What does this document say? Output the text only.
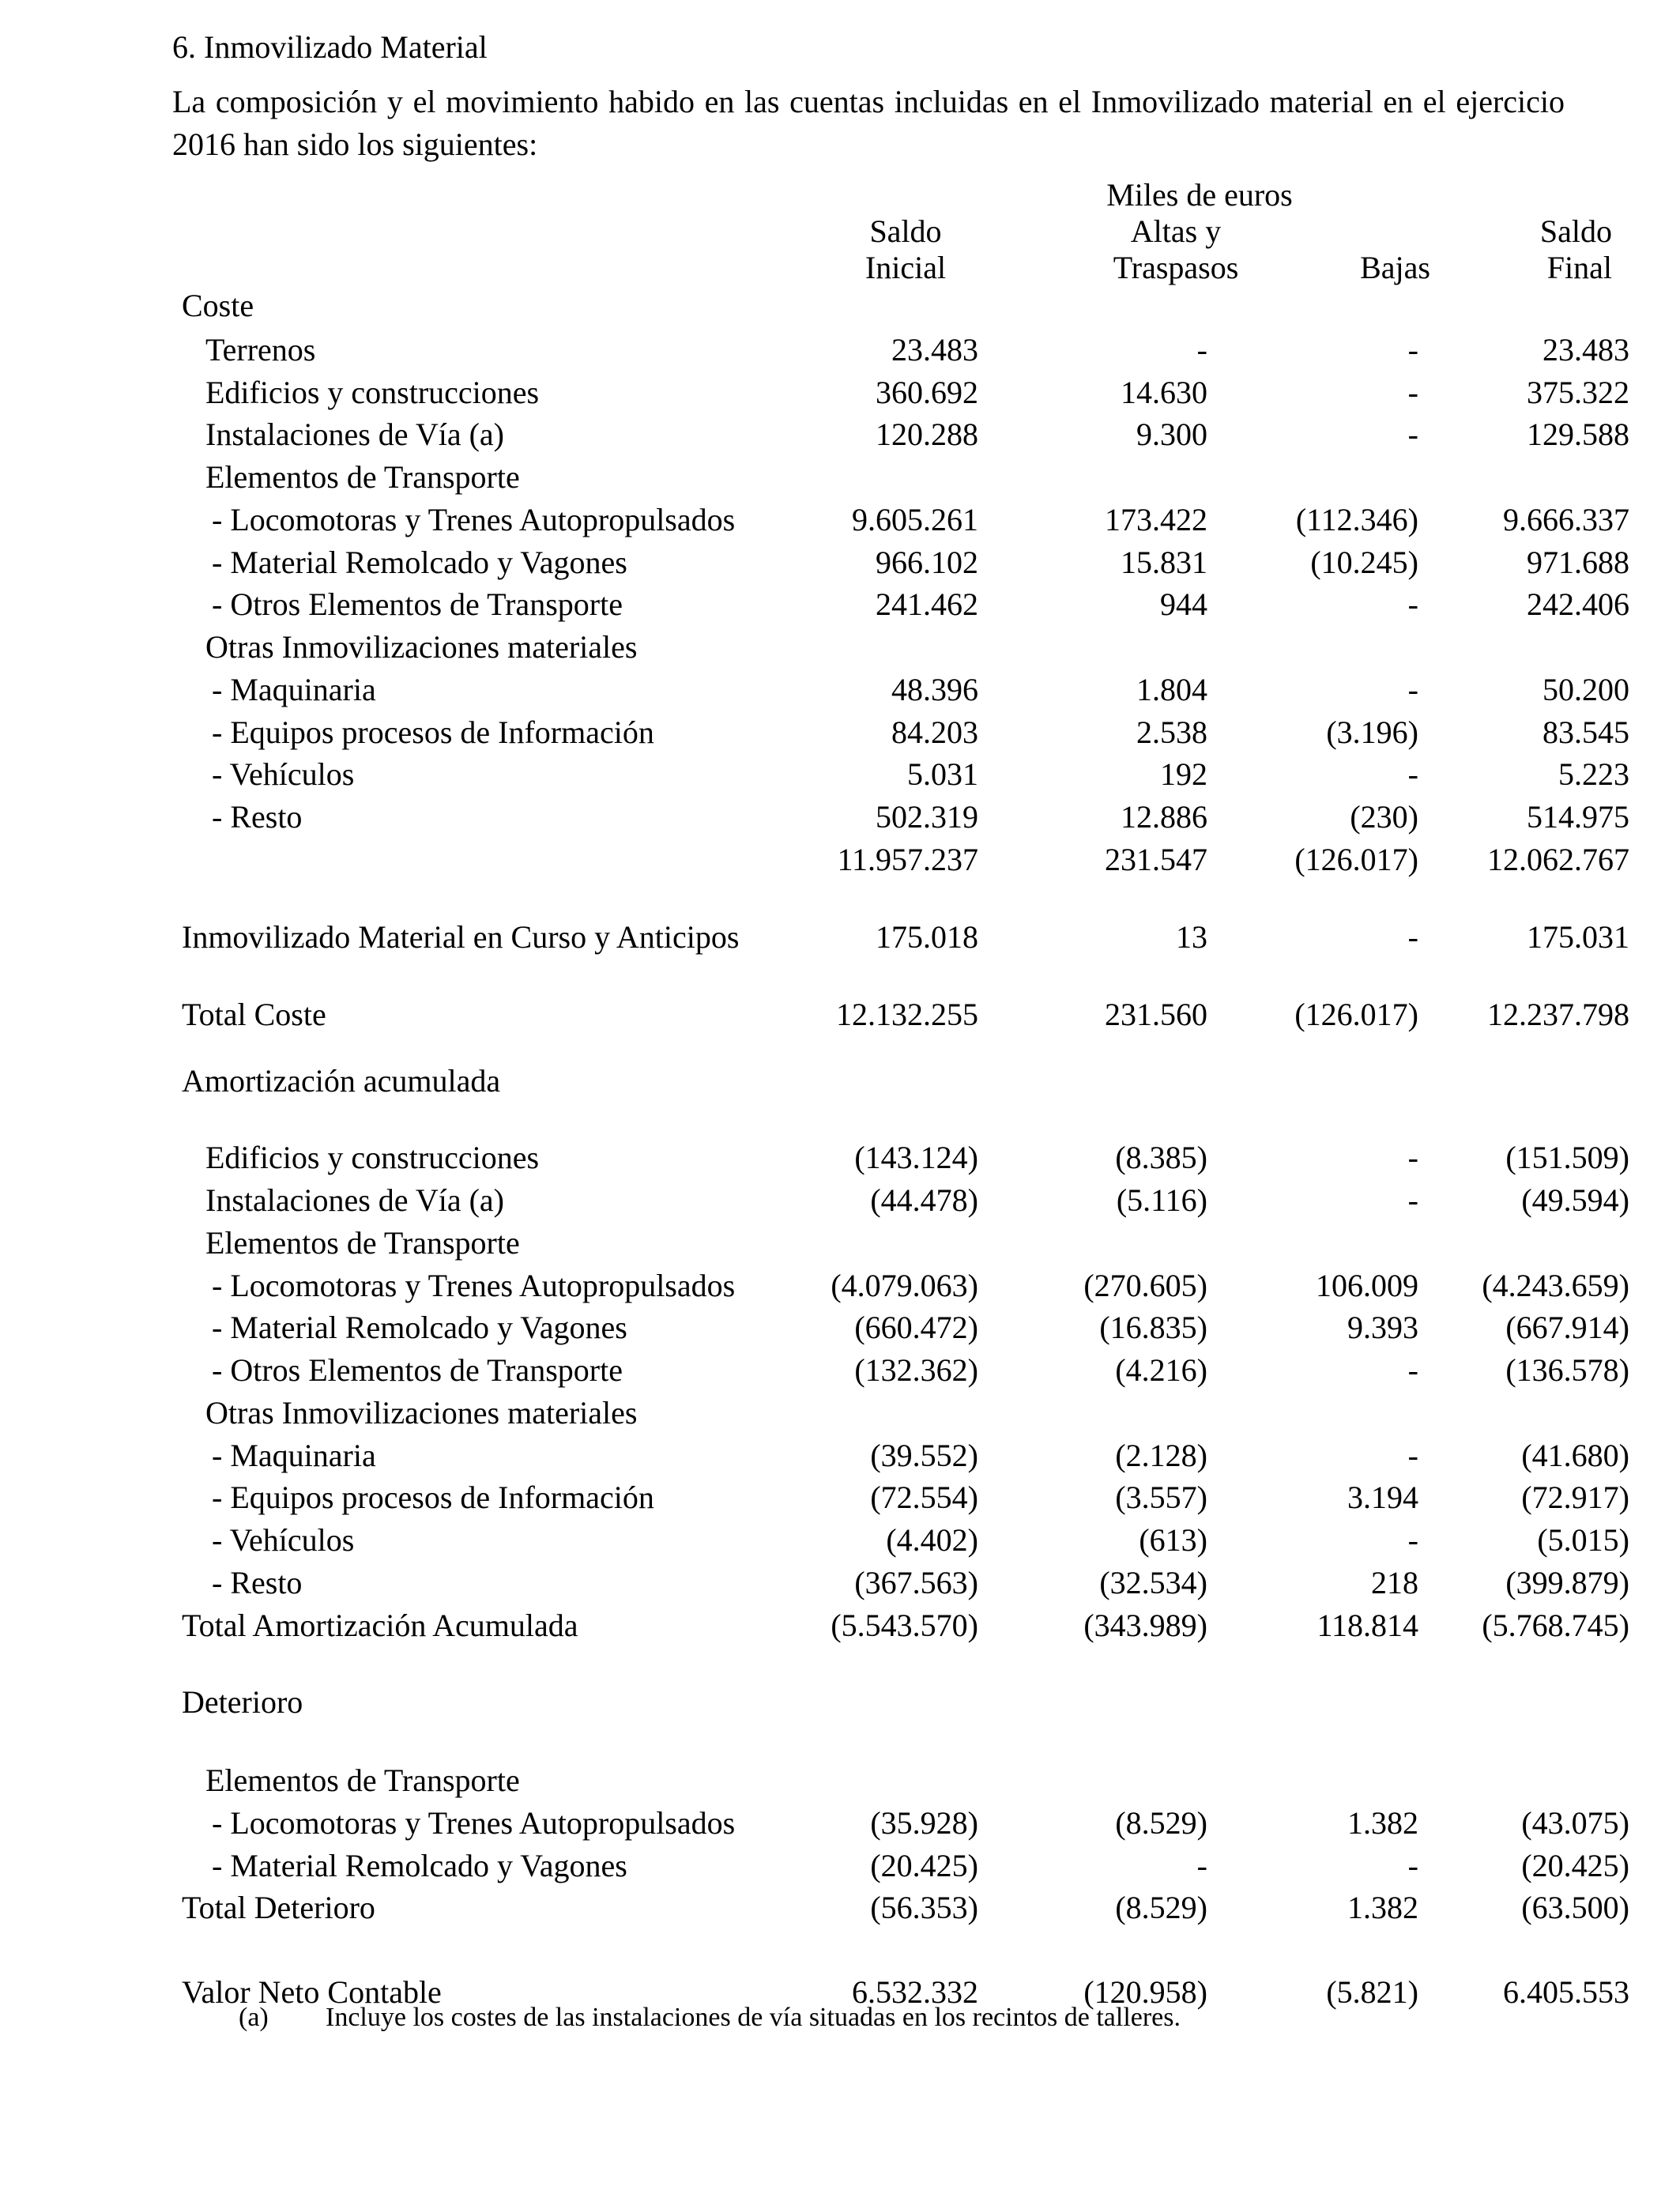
6. Inmovilizado Material
La composición y el movimiento habido en las cuentas incluidas en el Inmovilizado material en el ejercicio 2016 han sido los siguientes:
Miles de euros
Saldo
Inicial
Altas y
Traspasos	Bajas
Saldo
Final
Coste
Terrenos	23.483	-	-	23.483
Edificios y construcciones	360.692	14.630	-	375.322
Instalaciones de Vía (a)	120.288	9.300	-	129.588
Elementos de Transporte
- Locomotoras y Trenes Autopropulsados	9.605.261	173.422	(112.346)	9.666.337
- Material Remolcado y Vagones	966.102	15.831	(10.245)	971.688
- Otros Elementos de Transporte	241.462	944	-	242.406
Otras Inmovilizaciones materiales
- Maquinaria	48.396	1.804	-	50.200
- Equipos procesos de Información	84.203	2.538	(3.196)	83.545
- Vehículos	5.031	192	-	5.223
- Resto	502.319	12.886	(230)	514.975
11.957.237	231.547	(126.017)	12.062.767
Inmovilizado Material en Curso y Anticipos	175.018	13	-	175.031
Total Coste	12.132.255	231.560	(126.017)	12.237.798
Amortización acumulada
Edificios y construcciones	(143.124)	(8.385)	-	(151.509)
Instalaciones de Vía (a)	(44.478)	(5.116)	-	(49.594)
Elementos de Transporte
- Locomotoras y Trenes Autopropulsados	(4.079.063)	(270.605)	106.009	(4.243.659)
- Material Remolcado y Vagones	(660.472)	(16.835)	9.393	(667.914)
- Otros Elementos de Transporte	(132.362)	(4.216)	-	(136.578)
Otras Inmovilizaciones materiales
- Maquinaria	(39.552)	(2.128)	-	(41.680)
- Equipos procesos de Información	(72.554)	(3.557)	3.194	(72.917)
- Vehículos	(4.402)	(613)	-	(5.015)
- Resto	(367.563)	(32.534)	218	(399.879)
Total Amortización Acumulada	(5.543.570)	(343.989)	118.814	(5.768.745)
Deterioro
Elementos de Transporte
- Locomotoras y Trenes Autopropulsados	(35.928)	(8.529)	1.382	(43.075)
- Material Remolcado y Vagones	(20.425)	-	-	(20.425)
Total Deterioro	(56.353)	(8.529)	1.382	(63.500)
Valor Neto Contable	6.532.332	(120.958)	(5.821)	6.405.553
(a) Incluye los costes de las instalaciones de vía situadas en los recintos de talleres.
